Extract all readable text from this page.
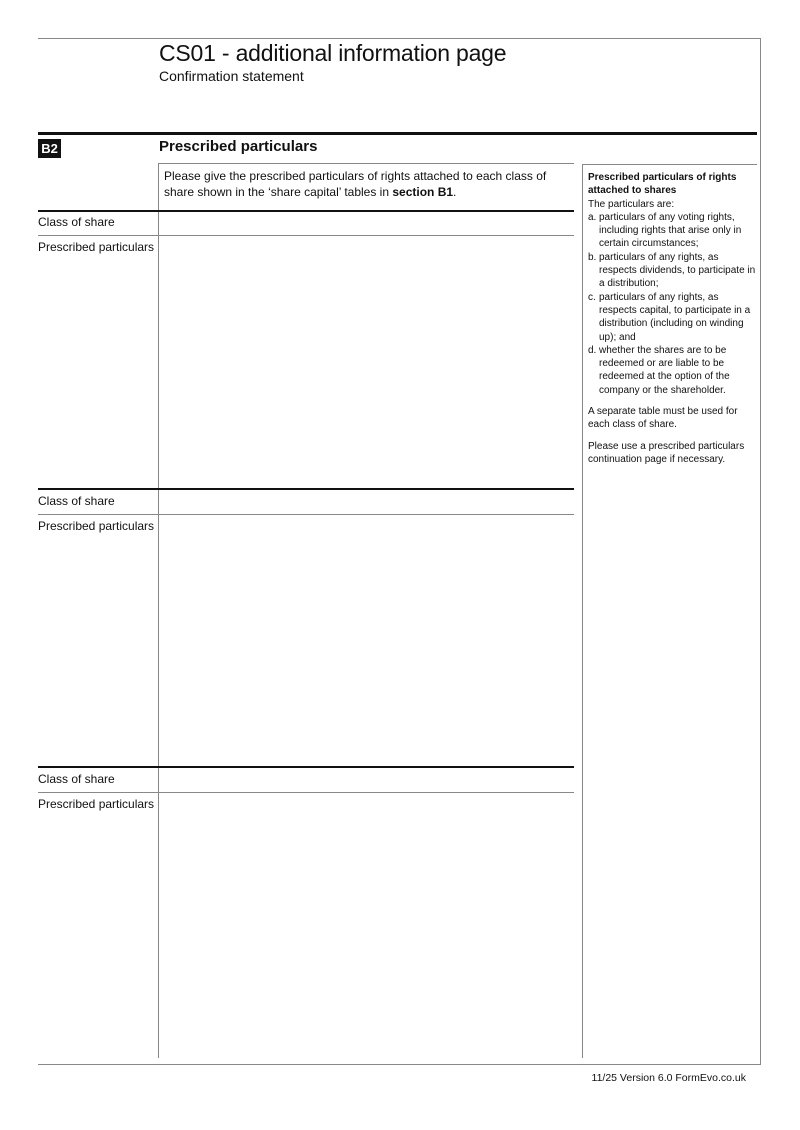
CS01 - additional information page
Confirmation statement
B2	Prescribed particulars
Please give the prescribed particulars of rights attached to each class of share shown in the ‘share capital’ tables in section B1.
Class of share
Prescribed particulars
Class of share
Prescribed particulars
Class of share
Prescribed particulars
Prescribed particulars of rights attached to shares
The particulars are:
a. particulars of any voting rights, including rights that arise only in certain circumstances;
b. particulars of any rights, as respects dividends, to participate in a distribution;
c. particulars of any rights, as respects capital, to participate in a distribution (including on winding up); and
d. whether the shares are to be redeemed or are liable to be redeemed at the option of the company or the shareholder.

A separate table must be used for each class of share.

Please use a prescribed particulars continuation page if necessary.

11/25 Version 6.0 FormEvo.co.uk
